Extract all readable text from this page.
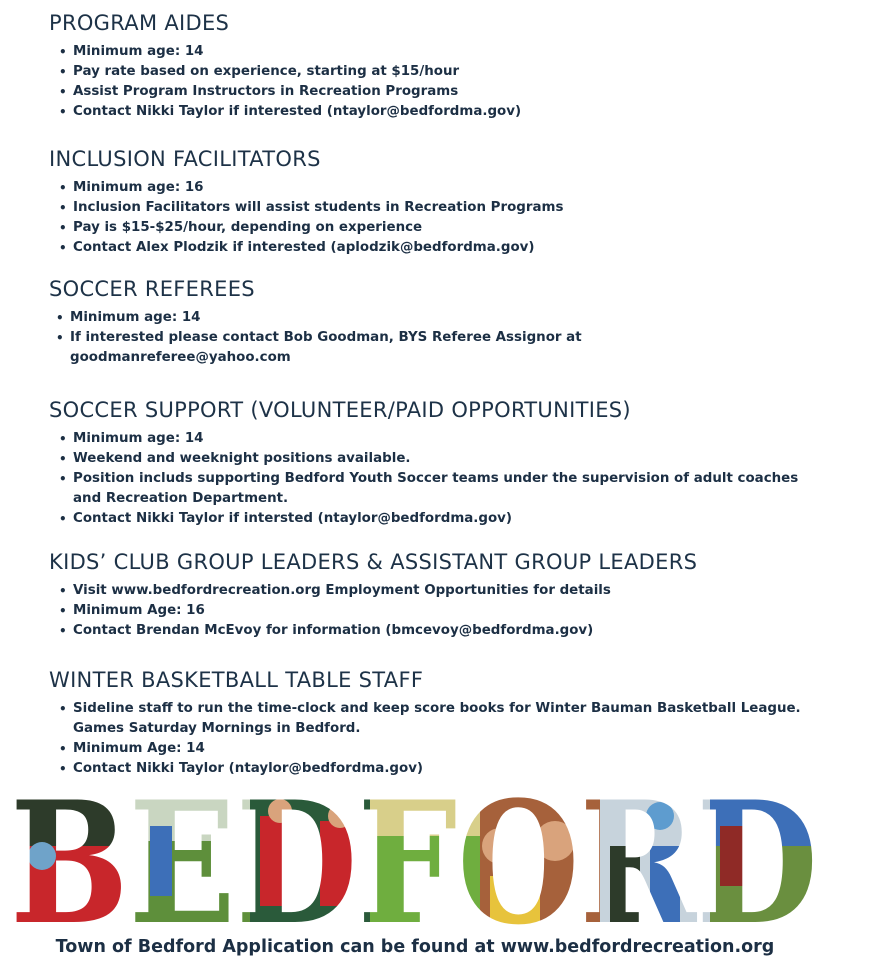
PROGRAM AIDES
• Minimum age: 14
• Pay rate based on experience, starting at $15/hour
• Assist Program Instructors in Recreation Programs
• Contact Nikki Taylor if interested (ntaylor@bedfordma.gov)
INCLUSION FACILITATORS
• Minimum age: 16
• Inclusion Facilitators will assist students in Recreation Programs
• Pay is $15-$25/hour, depending on experience
• Contact Alex Plodzik if interested (aplodzik@bedfordma.gov)
SOCCER REFEREES
• Minimum age: 14
• If interested please contact Bob Goodman, BYS Referee Assignor at goodmanreferee@yahoo.com
SOCCER SUPPORT (VOLUNTEER/PAID OPPORTUNITIES)
• Minimum age: 14
• Weekend and weeknight positions available.
• Position includs supporting Bedford Youth Soccer teams under the supervision of adult coaches and Recreation Department.
• Contact Nikki Taylor if intersted (ntaylor@bedfordma.gov)
KIDS’ CLUB GROUP LEADERS & ASSISTANT GROUP LEADERS
• Visit www.bedfordrecreation.org Employment Opportunities for details
• Minimum Age: 16
• Contact Brendan McEvoy for information (bmcevoy@bedfordma.gov)
WINTER BASKETBALL TABLE STAFF
• Sideline staff to run the time-clock and keep score books for Winter Bauman Basketball League. Games Saturday Mornings in Bedford.
• Minimum Age: 14
• Contact Nikki Taylor (ntaylor@bedfordma.gov)
Town of Bedford Application can be found at www.bedfordrecreation.org
